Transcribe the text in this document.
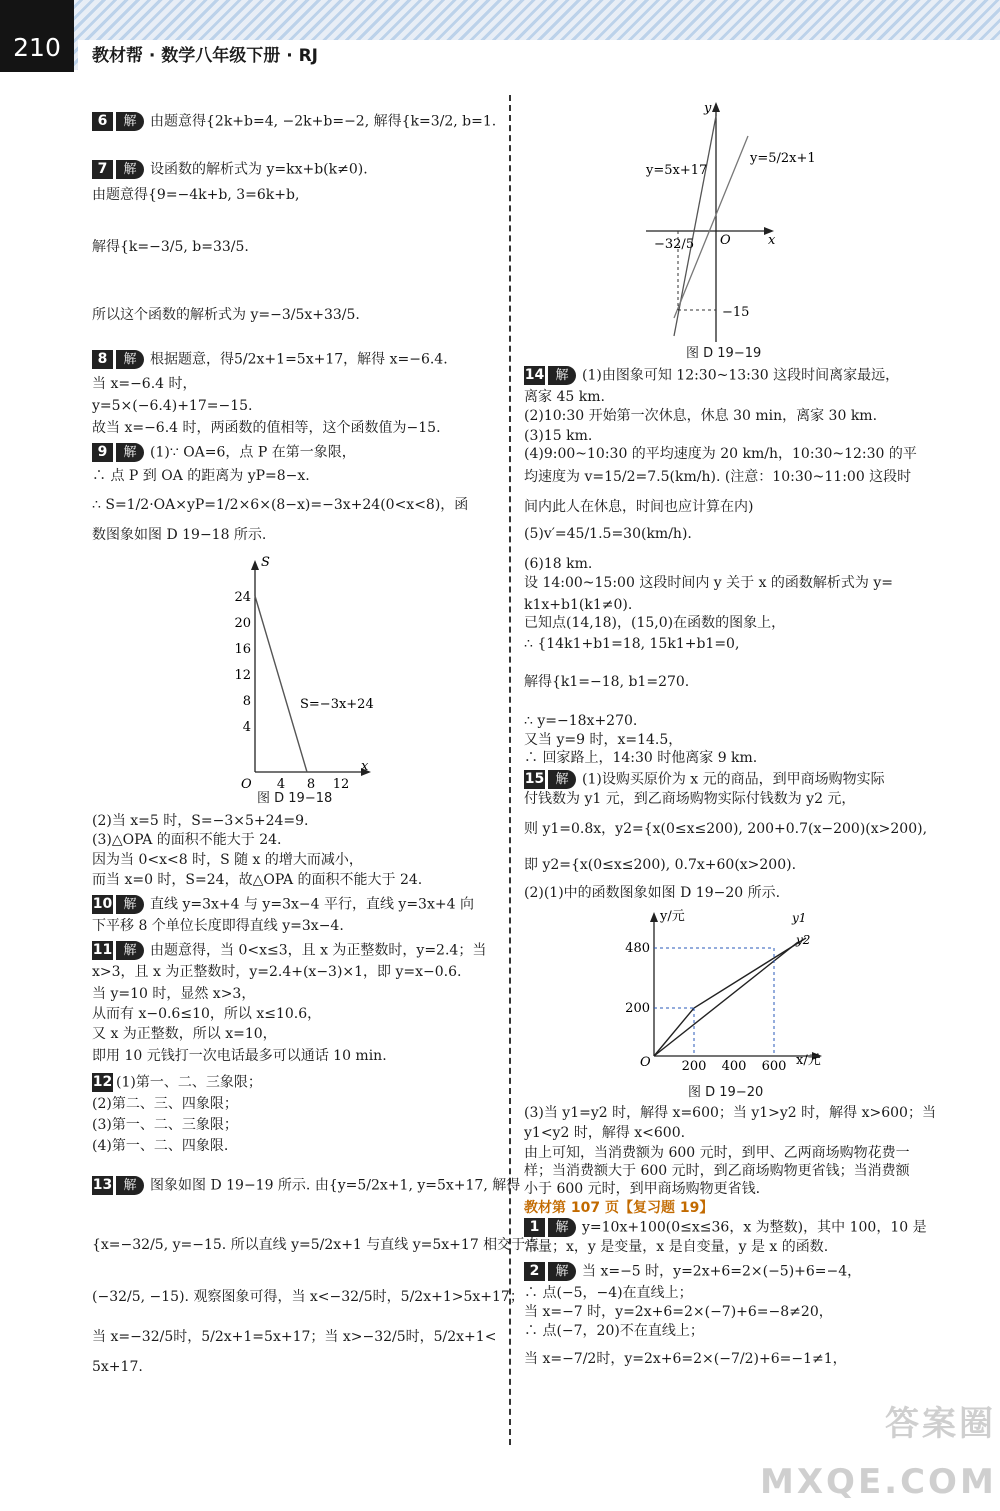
210	教材帮 · 数学八年级下册 · RJ
6 解 由题意得{2k+b=4, −2k+b=−2, 解得{k=3/2, b=1.
7 解 设函数的解析式为 y=kx+b(k≠0).
由题意得{9=−4k+b, 3=6k+b,
解得{k=−3/5, b=33/5.
所以这个函数的解析式为 y=−3/5x+33/5.
8 解 根据题意，得5/2x+1=5x+17，解得 x=−6.4.
当 x=−6.4 时，
y=5×(−6.4)+17=−15.
故当 x=−6.4 时，两函数的值相等，这个函数值为−15.
9 解 (1)∵ OA=6，点 P 在第一象限，
∴ 点 P 到 OA 的距离为 yP=8−x.
∴ S=1/2·OA×yP=1/2×6×(8−x)=−3x+24(0<x<8)，函
数图象如图 D 19−18 所示.
(2)当 x=5 时，S=−3×5+24=9.
(3)△OPA 的面积不能大于 24.
因为当 0<x<8 时，S 随 x 的增大而减小，
而当 x=0 时，S=24，故△OPA 的面积不能大于 24.
10 解 直线 y=3x+4 与 y=3x−4 平行，直线 y=3x+4 向
下平移 8 个单位长度即得直线 y=3x−4.
11 解 由题意得，当 0<x≤3，且 x 为正整数时，y=2.4；当
x>3，且 x 为正整数时，y=2.4+(x−3)×1，即 y=x−0.6.
当 y=10 时，显然 x>3，
从而有 x−0.6≤10，所以 x≤10.6，
又 x 为正整数，所以 x=10，
即用 10 元钱打一次电话最多可以通话 10 min.
12 (1)第一、二、三象限；
(2)第二、三、四象限；
(3)第一、二、三象限；
(4)第一、二、四象限.
13 解 图象如图 D 19−19 所示. 由{y=5/2x+1, y=5x+17, 解得
{x=−32/5, y=−15. 所以直线 y=5/2x+1 与直线 y=5x+17 相交于点
(−32/5, −15). 观察图象可得，当 x<−32/5时，5/2x+1>5x+17；
当 x=−32/5时，5/2x+1=5x+17；当 x>−32/5时，5/2x+1<
5x+17.
14 解 (1)由图象可知 12:30~13:30 这段时间离家最远，
离家 45 km.
(2)10:30 开始第一次休息，休息 30 min，离家 30 km.
(3)15 km.
(4)9:00~10:30 的平均速度为 20 km/h，10:30~12:30 的平
均速度为 v=15/2=7.5(km/h). (注意：10:30~11:00 这段时
间内此人在休息，时间也应计算在内)
(5)v′=45/1.5=30(km/h).
(6)18 km.
设 14:00~15:00 这段时间内 y 关于 x 的函数解析式为 y=
k1x+b1(k1≠0).
已知点(14,18)，(15,0)在函数的图象上，
∴ {14k1+b1=18, 15k1+b1=0,
解得{k1=−18, b1=270.
∴ y=−18x+270.
又当 y=9 时，x=14.5，
∴ 回家路上，14:30 时他离家 9 km.
15 解 (1)设购买原价为 x 元的商品，到甲商场购物实际
付钱数为 y1 元，到乙商场购物实际付钱数为 y2 元，
则 y1=0.8x，y2={x(0≤x≤200), 200+0.7(x−200)(x>200),
即 y2={x(0≤x≤200), 0.7x+60(x>200).
(2)(1)中的函数图象如图 D 19−20 所示.
(3)当 y1=y2 时，解得 x=600；当 y1>y2 时，解得 x>600；当
y1<y2 时，解得 x<600.
由上可知，当消费额为 600 元时，到甲、乙两商场购物花费一
样；当消费额大于 600 元时，到乙商场购物更省钱；当消费额
小于 600 元时，到甲商场购物更省钱.
教材第 107 页【复习题 19】
1 解 y=10x+100(0≤x≤36，x 为整数)，其中 100，10 是
常量；x，y 是变量，x 是自变量，y 是 x 的函数.
2 解 当 x=−5 时，y=2x+6=2×(−5)+6=−4，
∴ 点(−5，−4)在直线上；
当 x=−7 时，y=2x+6=2×(−7)+6=−8≠20，
∴ 点(−7，20)不在直线上；
当 x=−7/2时，y=2x+6=2×(−7/2)+6=−1≠1，
24
20
16
12
8
4
4 8 12
S
x
O
S=−3x+24
图 D 19−18
y
x
O
y=5x+17
y=5/2x+1
−32/5
−15
图 D 19−19
480
200
200 400 600
y/元
x/元
O
y1
y2
图 D 19−20
答案圈 MXQE.COM
